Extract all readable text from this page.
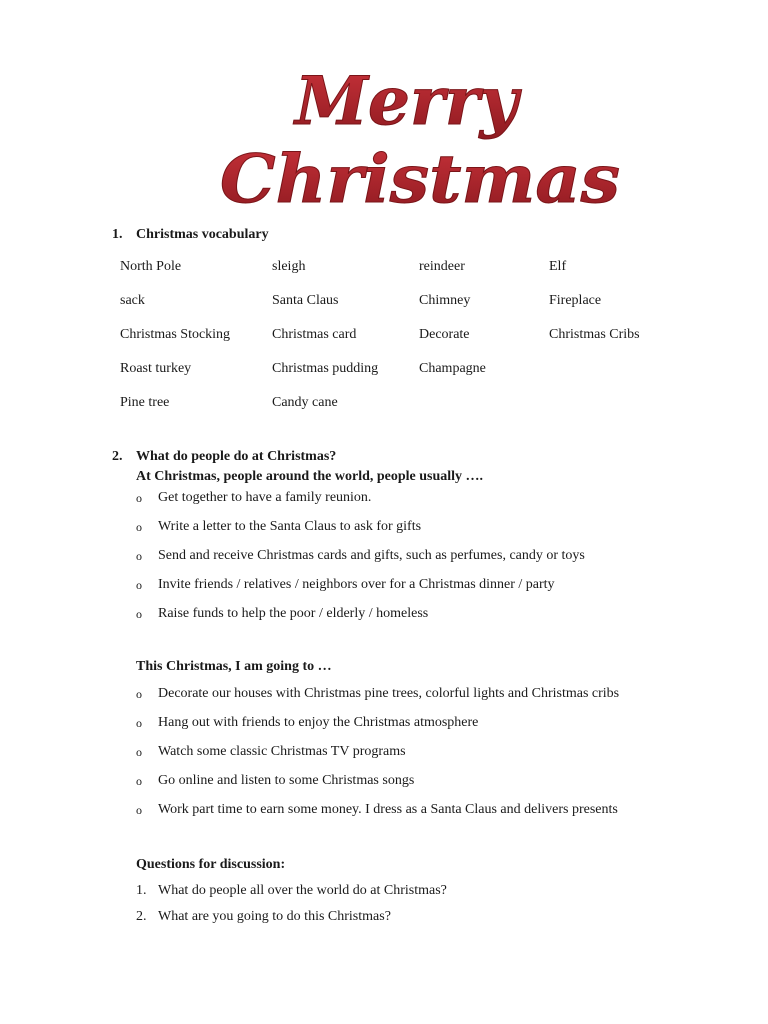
Merry
Christmas
1. Christmas vocabulary
North Pole	sleigh	reindeer	Elf
sack	Santa Claus	Chimney	Fireplace
Christmas Stocking	Christmas card	Decorate	Christmas Cribs
Roast turkey	Christmas pudding	Champagne
Pine tree	Candy cane
2. What do people do at Christmas?
At Christmas, people around the world, people usually ….
o Get together to have a family reunion.
o Write a letter to the Santa Claus to ask for gifts
o Send and receive Christmas cards and gifts, such as perfumes, candy or toys
o Invite friends / relatives / neighbors over for a Christmas dinner / party
o Raise funds to help the poor / elderly / homeless
This Christmas, I am going to …
o Decorate our houses with Christmas pine trees, colorful lights and Christmas cribs
o Hang out with friends to enjoy the Christmas atmosphere
o Watch some classic Christmas TV programs
o Go online and listen to some Christmas songs
o Work part time to earn some money. I dress as a Santa Claus and delivers presents
Questions for discussion:
1. What do people all over the world do at Christmas?
2. What are you going to do this Christmas?
